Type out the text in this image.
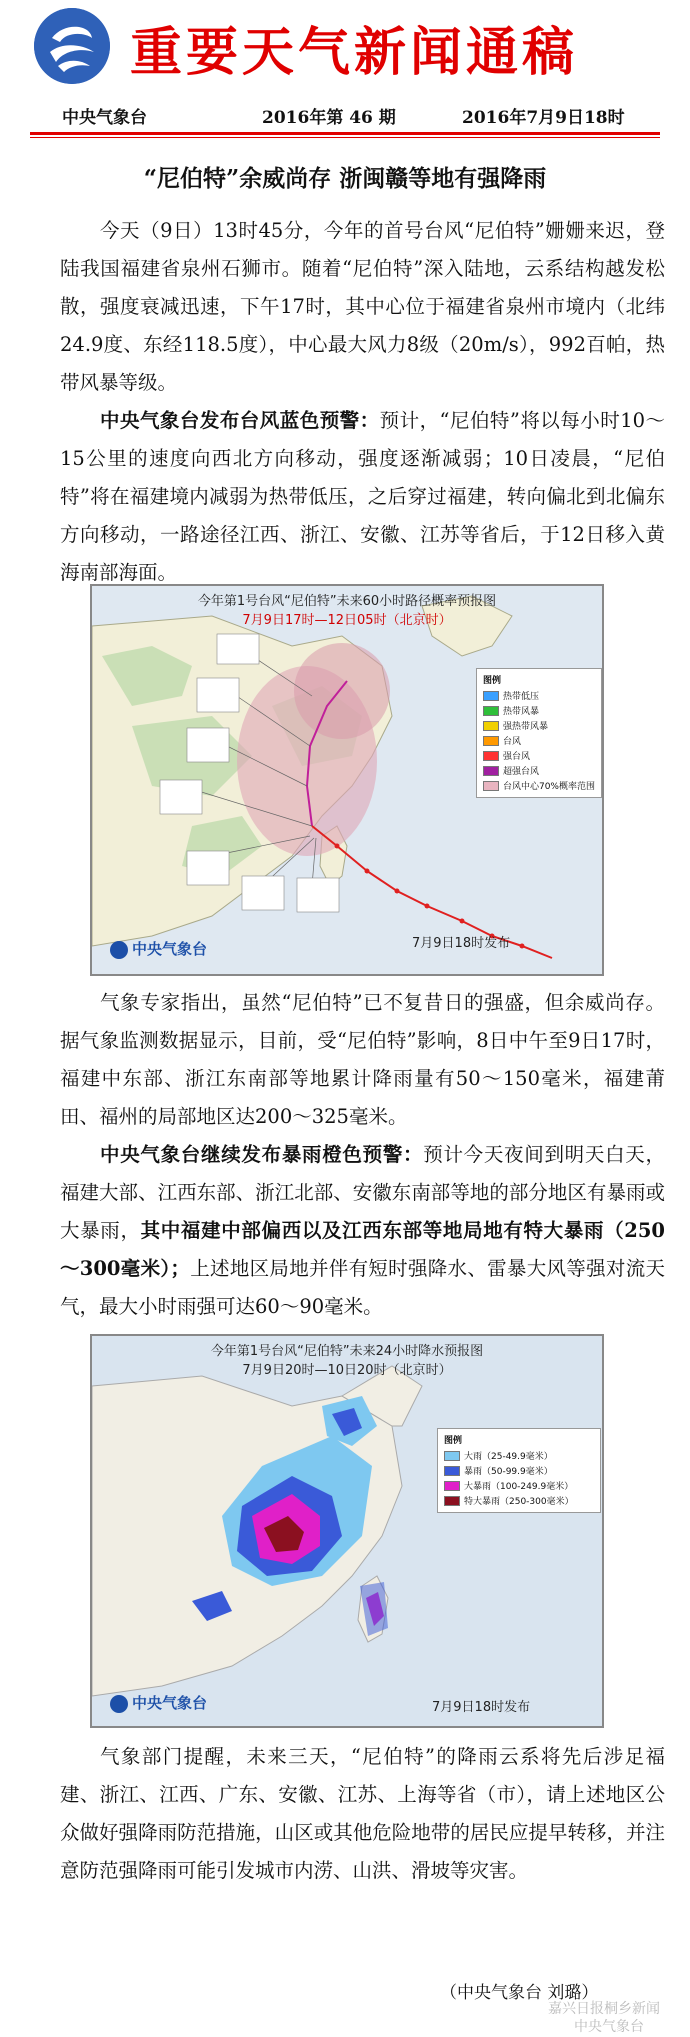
重要天气新闻通稿
中央气象台	2016年第 46 期	2016年7月9日18时
“尼伯特”余威尚存 浙闽赣等地有强降雨
今天（9日）13时45分，今年的首号台风“尼伯特”姗姗来迟，登陆我国福建省泉州石狮市。随着“尼伯特”深入陆地，云系结构越发松散，强度衰减迅速，下午17时，其中心位于福建省泉州市境内（北纬24.9度、东经118.5度），中心最大风力8级（20m/s），992百帕，热带风暴等级。
中央气象台发布台风蓝色预警：预计，“尼伯特”将以每小时10～15公里的速度向西北方向移动，强度逐渐减弱；10日凌晨，“尼伯特”将在福建境内减弱为热带低压，之后穿过福建，转向偏北到北偏东方向移动，一路途径江西、浙江、安徽、江苏等省后，于12日移入黄海南部海面。
今年第1号台风“尼伯特”未来60小时路径概率预报图
7月9日17时—12日05时（北京时）
图例
热带低压
热带风暴
强热带风暴
台风
强台风
超强台风
台风中心70%概率范围
中央气象台	7月9日18时发布
气象专家指出，虽然“尼伯特”已不复昔日的强盛，但余威尚存。据气象监测数据显示，目前，受“尼伯特”影响，8日中午至9日17时，福建中东部、浙江东南部等地累计降雨量有50～150毫米，福建莆田、福州的局部地区达200～325毫米。
中央气象台继续发布暴雨橙色预警：预计今天夜间到明天白天，福建大部、江西东部、浙江北部、安徽东南部等地的部分地区有暴雨或大暴雨，其中福建中部偏西以及江西东部等地局地有特大暴雨（250～300毫米）；上述地区局地并伴有短时强降水、雷暴大风等强对流天气，最大小时雨强可达60～90毫米。
今年第1号台风“尼伯特”未来24小时降水预报图
7月9日20时—10日20时（北京时）
图例
大雨（25-49.9毫米）
暴雨（50-99.9毫米）
大暴雨（100-249.9毫米）
特大暴雨（250-300毫米）
中央气象台	7月9日18时发布
气象部门提醒，未来三天，“尼伯特”的降雨云系将先后涉足福建、浙江、江西、广东、安徽、江苏、上海等省（市），请上述地区公众做好强降雨防范措施，山区或其他危险地带的居民应提早转移，并注意防范强降雨可能引发城市内涝、山洪、滑坡等灾害。
（中央气象台 刘璐）
嘉兴日报桐乡新闻
中央气象台
